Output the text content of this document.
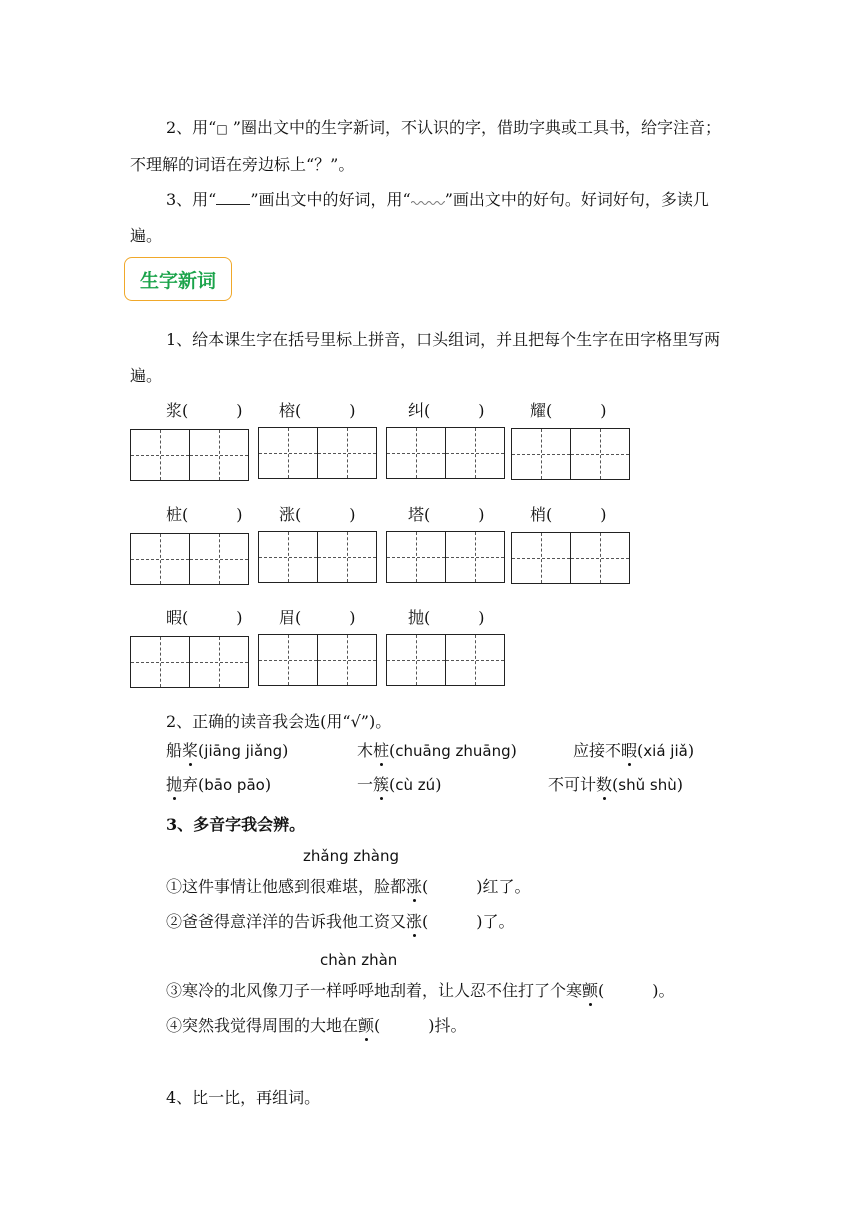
2、用“□ ”圈出文中的生字新词，不认识的字，借助字典或工具书，给字注音；不理解的词语在旁边标上“？”。
3、用“ ”画出文中的好词，用“ ”画出文中的好句。好词好句，多读几遍。
生字新词
1、给本课生字在括号里标上拼音，口头组词，并且把每个生字在田字格里写两遍。
浆(　　　) 榕(　　　)	纠(　　　)	耀(　　　)
桩(　　　) 涨(　　　)	塔(　　　)	梢(　　　)
暇(　　　) 眉(　　　)	抛(　　　)
2、正确的读音我会选(用“√”)。
船桨(jiāng jiǎng)	木桩(chuāng zhuāng)	应接不暇(xiá jiǎ)
抛弃(bāo pāo)	一簇(cù zú)	不可计数(shǔ shù)
3、多音字我会辨。
zhǎng zhàng
①这件事情让他感到很难堪，脸都涨(　　　)红了。
②爸爸得意洋洋的告诉我他工资又涨(　　　)了。
chàn zhàn
③寒冷的北风像刀子一样呼呼地刮着，让人忍不住打了个寒颤(　　　)。
④突然我觉得周围的大地在颤(　　　)抖。
4、比一比，再组词。
